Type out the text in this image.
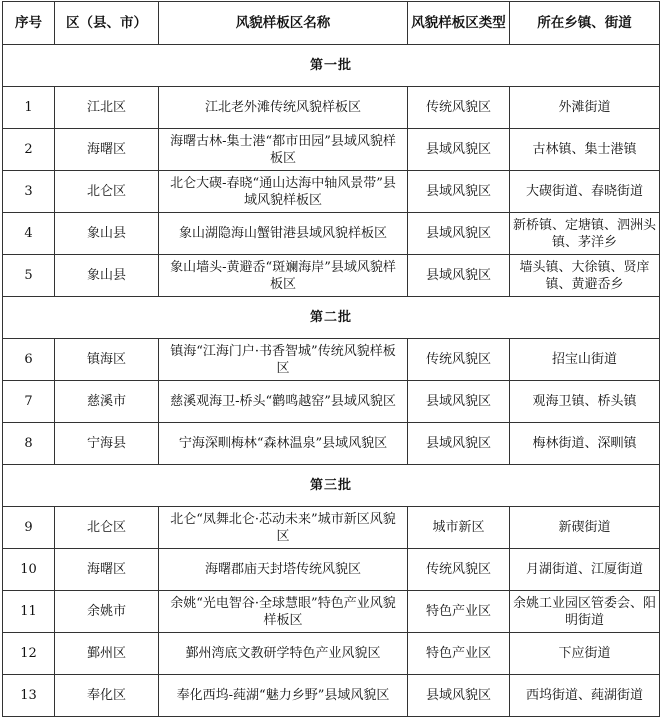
序号	区（县、市）	风貌样板区名称	风貌样板区类型	所在乡镇、街道
第一批				
1	江北区	江北老外滩传统风貌样板区	传统风貌区	外滩街道
2	海曙区	海曙古林-集士港“都市田园”县域风貌样板区	县域风貌区	古林镇、集士港镇
3	北仑区	北仑大碶-春晓“通山达海中轴风景带”县域风貌样板区	县域风貌区	大碶街道、春晓街道
4	象山县	象山湖隐海山蟹钳港县域风貌样板区	县域风貌区	新桥镇、定塘镇、泗洲头镇、茅洋乡
5	象山县	象山墙头-黄避岙“斑斓海岸”县域风貌样板区	县域风貌区	墙头镇、大徐镇、贤庠镇、黄避岙乡
第二批				
6	镇海区	镇海“江海门户·书香智城”传统风貌样板区	传统风貌区	招宝山街道
7	慈溪市	慈溪观海卫-桥头“鹳鸣越窑”县域风貌区	县域风貌区	观海卫镇、桥头镇
8	宁海县	宁海深甽梅林“森林温泉”县域风貌区	县域风貌区	梅林街道、深甽镇
第三批				
9	北仑区	北仑“凤舞北仑·芯动未来”城市新区风貌区	城市新区	新碶街道
10	海曙区	海曙郡庙天封塔传统风貌区	传统风貌区	月湖街道、江厦街道
11	余姚市	余姚“光电智谷·全球慧眼”特色产业风貌样板区	特色产业区	余姚工业园区管委会、阳明街道
12	鄞州区	鄞州湾底文教研学特色产业风貌区	特色产业区	下应街道
13	奉化区	奉化西坞-莼湖“魅力乡野”县域风貌区	县域风貌区	西坞街道、莼湖街道
